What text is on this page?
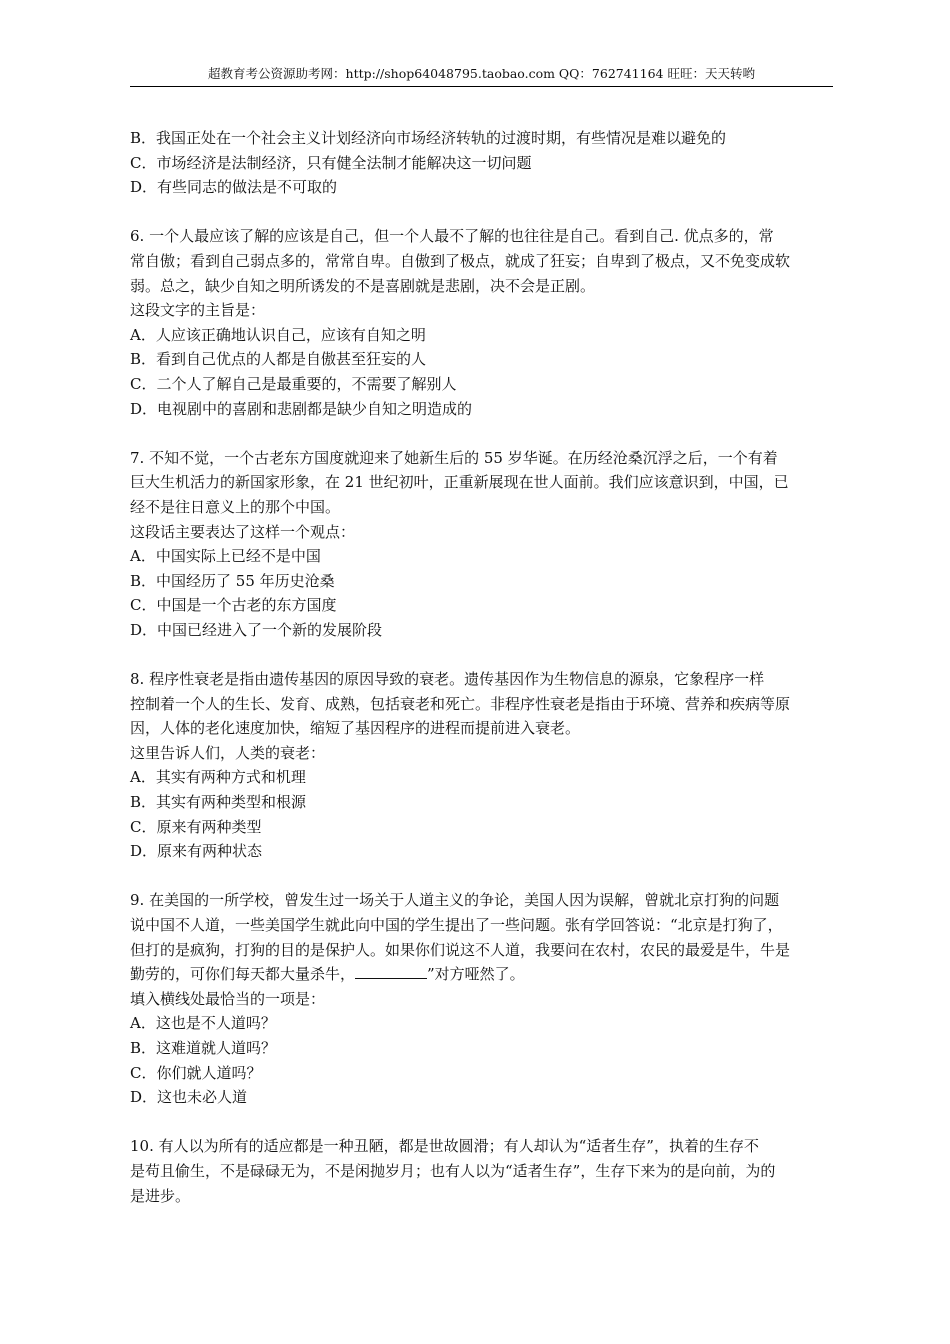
超教育考公资源助考网：http://shop64048795.taobao.com QQ：762741164 旺旺：天天转哟

B．我国正处在一个社会主义计划经济向市场经济转轨的过渡时期，有些情况是难以避免的

C．市场经济是法制经济，只有健全法制才能解决这一切问题

D．有些同志的做法是不可取的

6. 一个人最应该了解的应该是自己，但一个人最不了解的也往往是自己。看到自己. 优点多的，常

常自傲；看到自己弱点多的，常常自卑。自傲到了极点，就成了狂妄；自卑到了极点，又不免变成软

弱。总之，缺少自知之明所诱发的不是喜剧就是悲剧，决不会是正剧。

这段文字的主旨是：

A．人应该正确地认识自己，应该有自知之明

B．看到自己优点的人都是自傲甚至狂妄的人

C．二个人了解自己是最重要的，不需要了解别人

D．电视剧中的喜剧和悲剧都是缺少自知之明造成的

7. 不知不觉，一个古老东方国度就迎来了她新生后的 55 岁华诞。在历经沧桑沉浮之后，一个有着

巨大生机活力的新国家形象，在 21 世纪初叶，正重新展现在世人面前。我们应该意识到，中国，已

经不是往日意义上的那个中国。

这段话主要表达了这样一个观点：

A．中国实际上已经不是中国

B．中国经历了 55 年历史沧桑

C．中国是一个古老的东方国度

D．中国已经进入了一个新的发展阶段

8. 程序性衰老是指由遗传基因的原因导致的衰老。遗传基因作为生物信息的源泉，它象程序一样

控制着一个人的生长、发育、成熟，包括衰老和死亡。非程序性衰老是指由于环境、营养和疾病等原

因，人体的老化速度加快，缩短了基因程序的进程而提前进入衰老。

这里告诉人们，人类的衰老：

A．其实有两种方式和机理

B．其实有两种类型和根源

C．原来有两种类型

D．原来有两种状态

9. 在美国的一所学校，曾发生过一场关于人道主义的争论，美国人因为误解，曾就北京打狗的问题

说中国不人道，一些美国学生就此向中国的学生提出了一些问题。张有学回答说：“北京是打狗了，

但打的是疯狗，打狗的目的是保护人。如果你们说这不人道，我要问在农村，农民的最爱是牛，牛是

勤劳的，可你们每天都大量杀牛，	”对方哑然了。

填入横线处最恰当的一项是：

A．这也是不人道吗？

B．这难道就人道吗？

C．你们就人道吗？

D．这也未必人道

10. 有人以为所有的适应都是一种丑陋，都是世故圆滑；有人却认为“适者生存”，执着的生存不

是苟且偷生，不是碌碌无为，不是闲抛岁月；也有人以为“适者生存”，生存下来为的是向前，为的

是进步。
